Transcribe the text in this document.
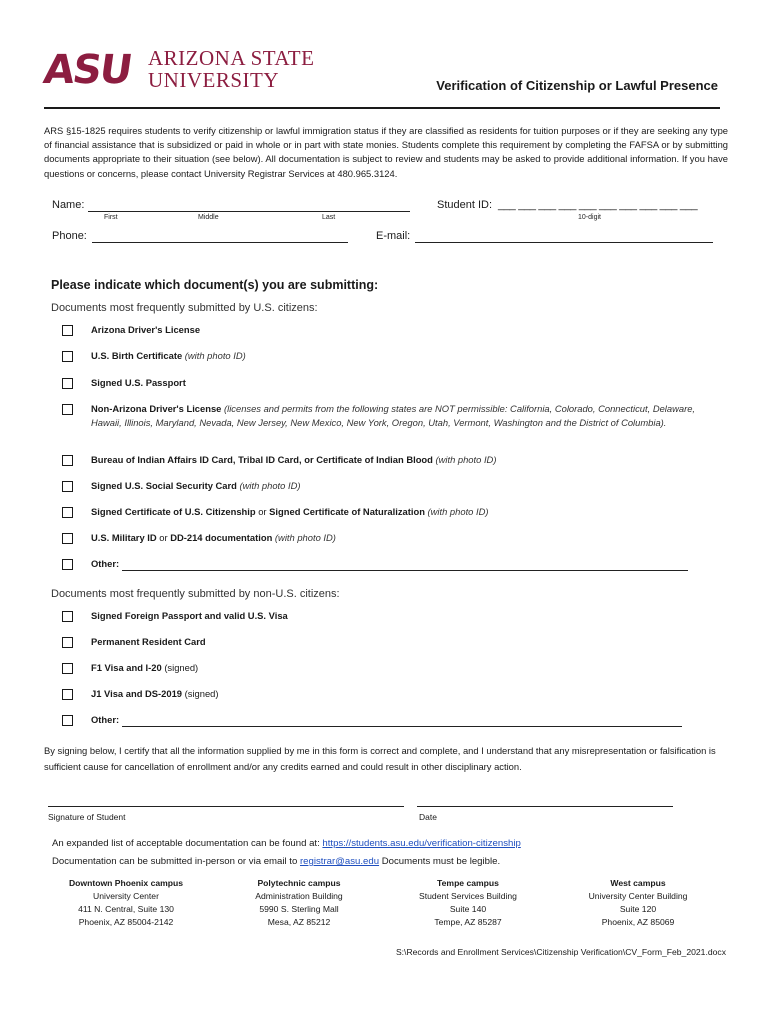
ASU ARIZONA STATE
UNIVERSITY	Verification of Citizenship or Lawful Presence
ARS §15-1825 requires students to verify citizenship or lawful immigration status if they are classified as residents for tuition purposes or if they are seeking any type of financial assistance that is subsidized or paid in whole or in part with state monies. Students complete this requirement by completing the FAFSA or by submitting documents appropriate to their situation (see below). All documentation is subject to review and students may be asked to provide additional information. If you have questions or concerns, please contact University Registrar Services at 480.965.3124.
Name:
First	Middle	Last
Student ID: ___ ___ ___ ___ ___ ___ ___ ___ ___ ___
10-digit
Phone:	E-mail:
Please indicate which document(s) you are submitting:
Documents most frequently submitted by U.S. citizens:
Arizona Driver's License
U.S. Birth Certificate (with photo ID)
Signed U.S. Passport
Non-Arizona Driver's License (licenses and permits from the following states are NOT permissible: California, Colorado, Connecticut, Delaware, Hawaii, Illinois, Maryland, Nevada, New Jersey, New Mexico, New York, Oregon, Utah, Vermont, Washington and the District of Columbia).
Bureau of Indian Affairs ID Card, Tribal ID Card, or Certificate of Indian Blood (with photo ID)
Signed U.S. Social Security Card (with photo ID)
Signed Certificate of U.S. Citizenship or Signed Certificate of Naturalization (with photo ID)
U.S. Military ID or DD-214 documentation (with photo ID)
Other:
Documents most frequently submitted by non-U.S. citizens:
Signed Foreign Passport and valid U.S. Visa
Permanent Resident Card
F1 Visa and I-20 (signed)
J1 Visa and DS-2019 (signed)
Other:
By signing below, I certify that all the information supplied by me in this form is correct and complete, and I understand that any misrepresentation or falsification is sufficient cause for cancellation of enrollment and/or any credits earned and could result in other disciplinary action.
Signature of Student	Date
An expanded list of acceptable documentation can be found at: https://students.asu.edu/verification-citizenship
Documentation can be submitted in-person or via email to registrar@asu.edu Documents must be legible.
Downtown Phoenix campus
University Center
411 N. Central, Suite 130
Phoenix, AZ 85004-2142
Polytechnic campus
Administration Building
5990 S. Sterling Mall
Mesa, AZ 85212
Tempe campus
Student Services Building
Suite 140
Tempe, AZ 85287
West campus
University Center Building
Suite 120
Phoenix, AZ 85069
S:\Records and Enrollment Services\Citizenship Verification\CV_Form_Feb_2021.docx
